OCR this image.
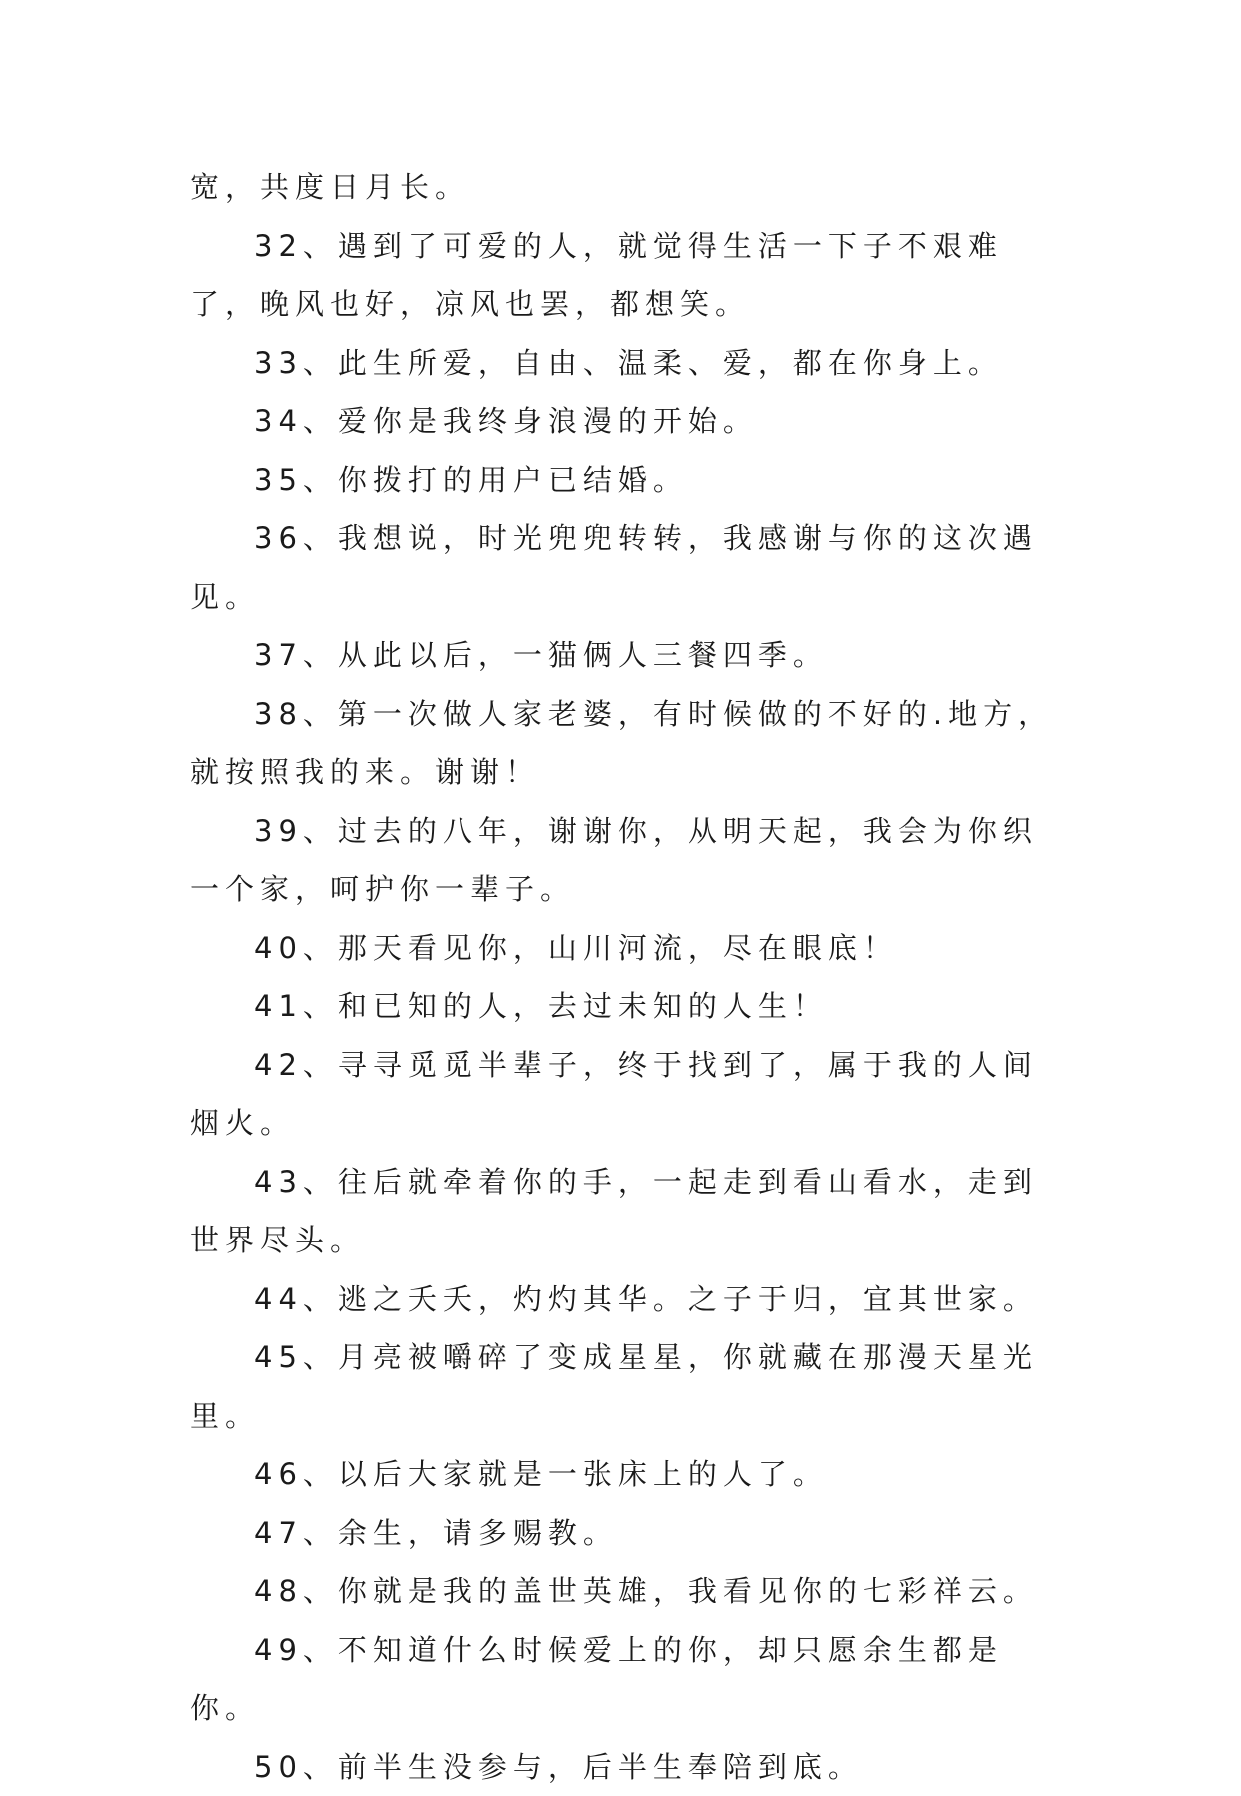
宽，共度日月长。

32、遇到了可爱的人，就觉得生活一下子不艰难了，晚风也好，凉风也罢，都想笑。

33、此生所爱，自由、温柔、爱，都在你身上。

34、爱你是我终身浪漫的开始。

35、你拨打的用户已结婚。

36、我想说，时光兜兜转转，我感谢与你的这次遇见。

37、从此以后，一猫俩人三餐四季。

38、第一次做人家老婆，有时候做的不好的.地方，就按照我的来。谢谢！

39、过去的八年，谢谢你，从明天起，我会为你织一个家，呵护你一辈子。

40、那天看见你，山川河流，尽在眼底！

41、和已知的人，去过未知的人生！

42、寻寻觅觅半辈子，终于找到了，属于我的人间烟火。

43、往后就牵着你的手，一起走到看山看水，走到世界尽头。

44、逃之夭夭，灼灼其华。之子于归，宜其世家。

45、月亮被嚼碎了变成星星，你就藏在那漫天星光里。

46、以后大家就是一张床上的人了。

47、余生，请多赐教。

48、你就是我的盖世英雄，我看见你的七彩祥云。

49、不知道什么时候爱上的你，却只愿余生都是你。

50、前半生没参与，后半生奉陪到底。
